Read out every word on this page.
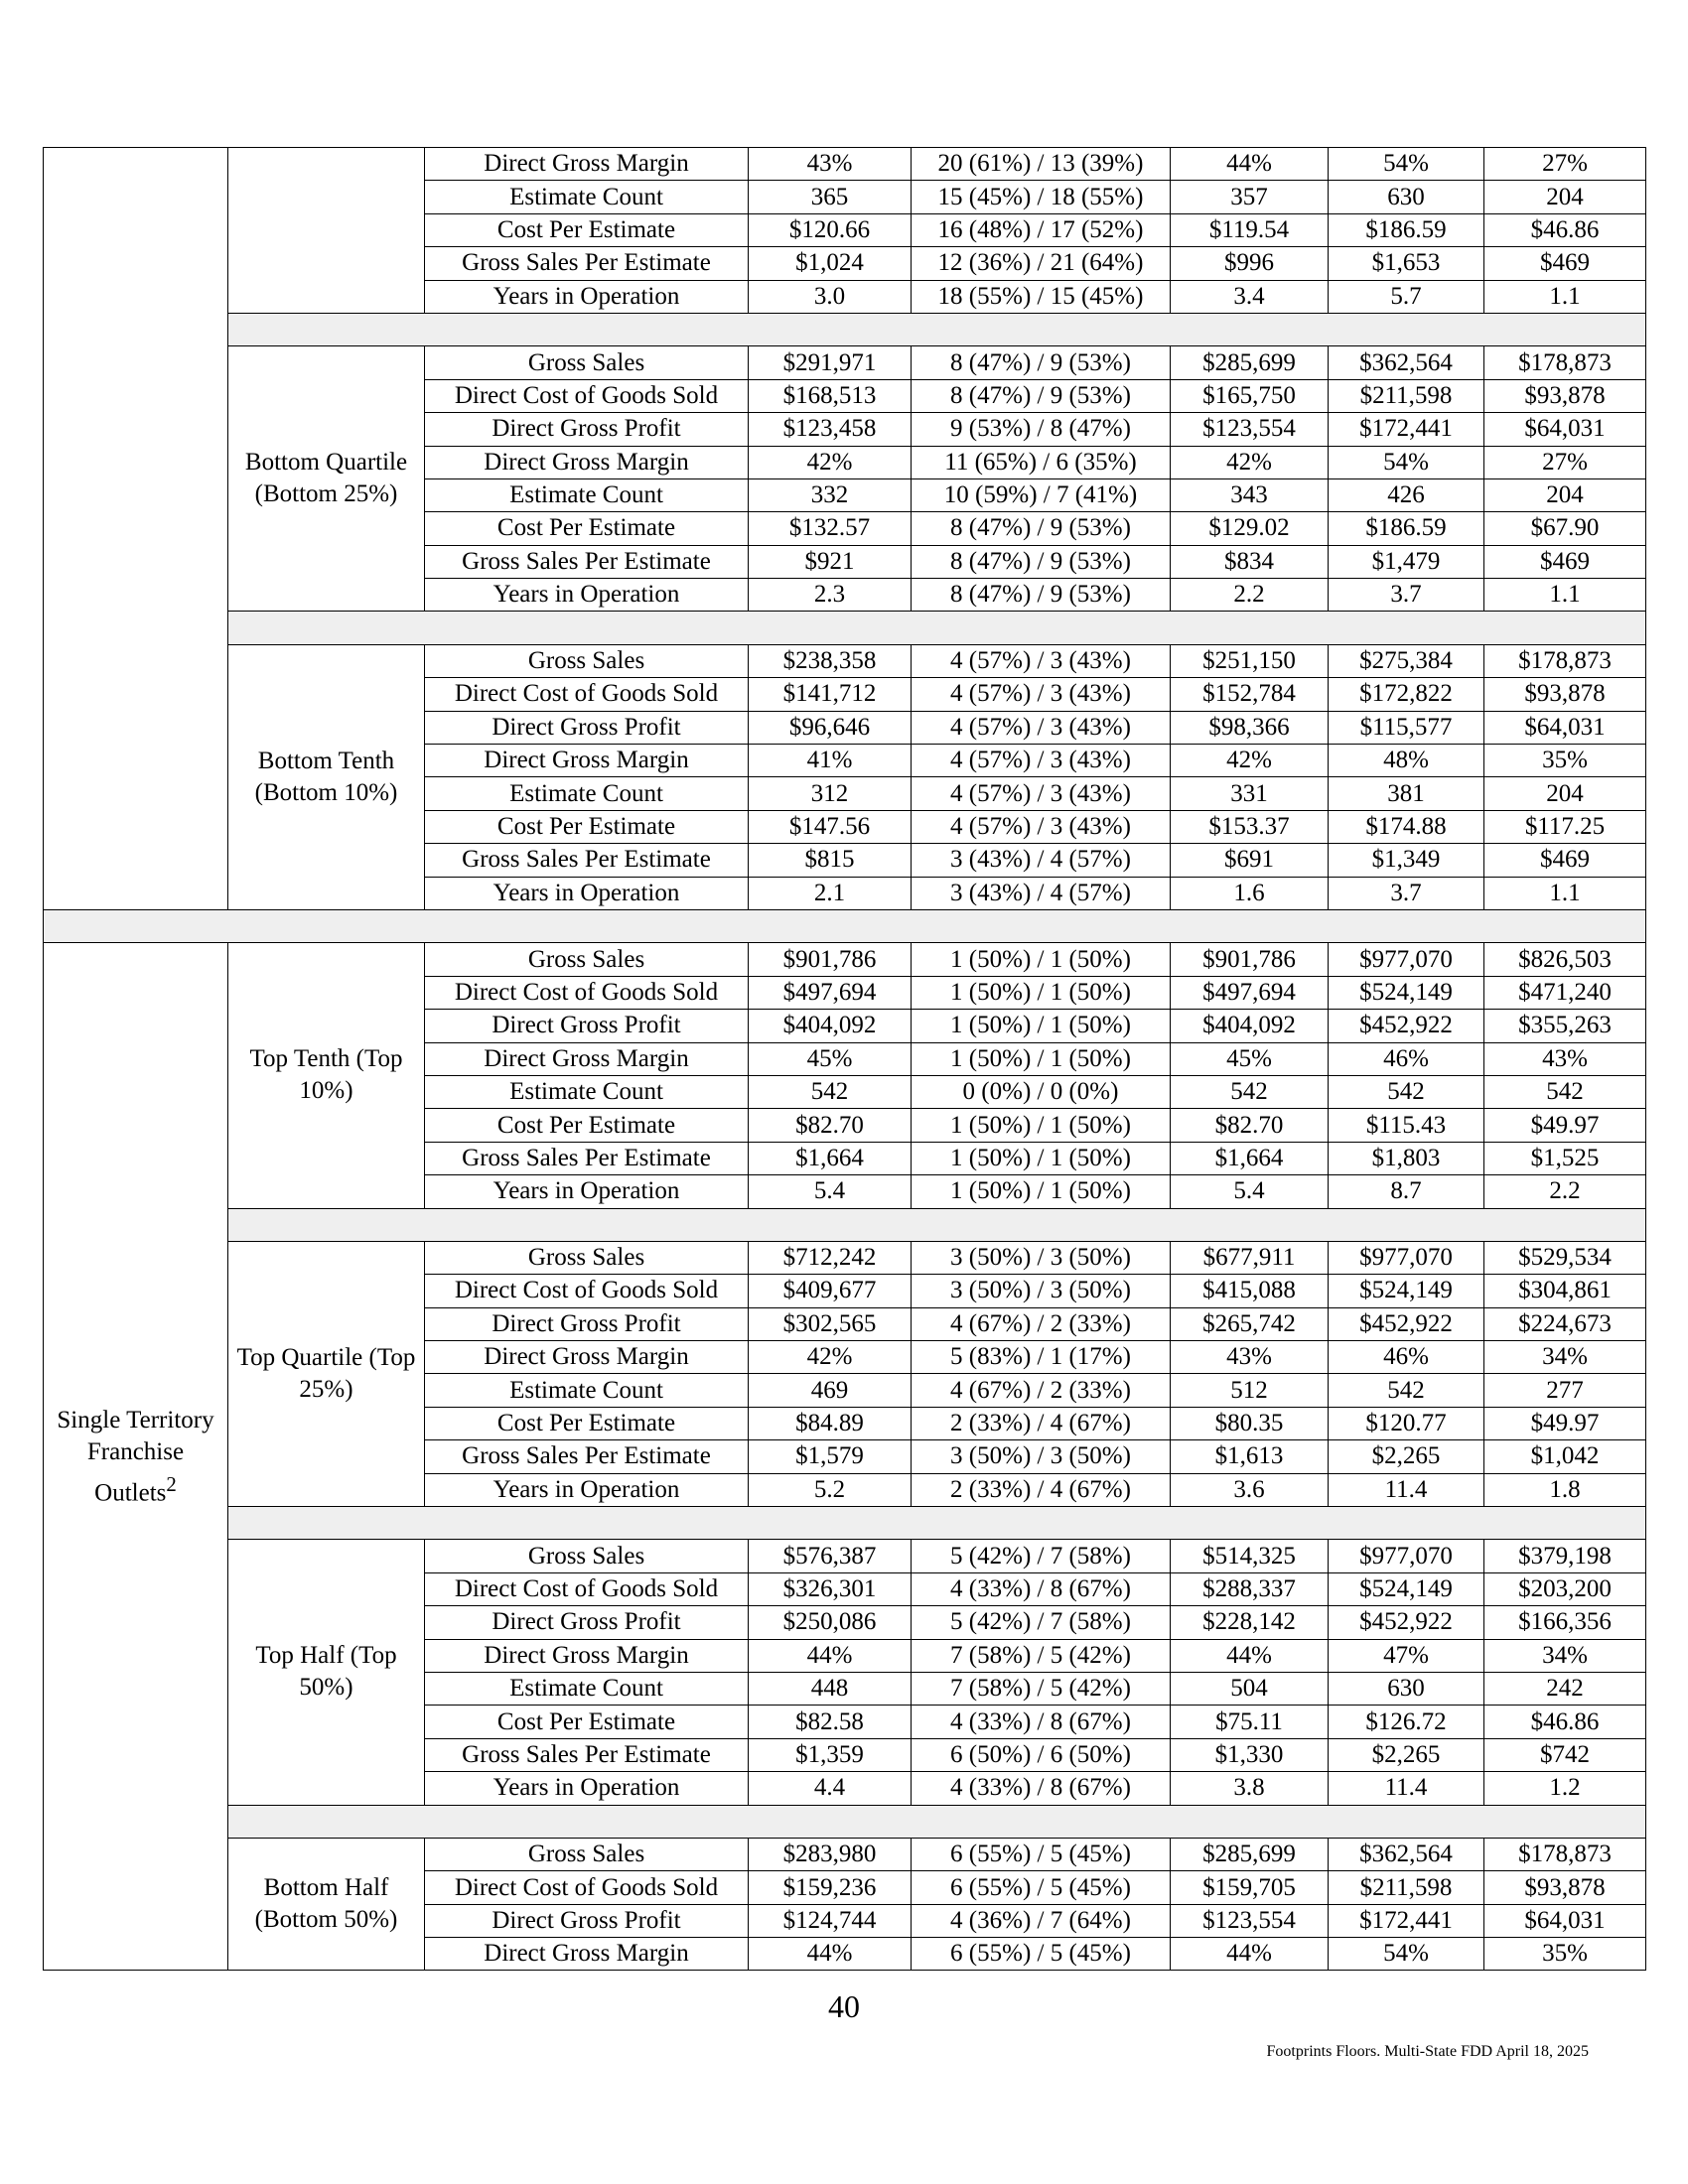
		Direct Gross Margin	43%	20 (61%) / 13 (39%)	44%	54%	27%
		Estimate Count	365	15 (45%) / 18 (55%)	357	630	204
		Cost Per Estimate	$120.66	16 (48%) / 17 (52%)	$119.54	$186.59	$46.86
		Gross Sales Per Estimate	$1,024	12 (36%) / 21 (64%)	$996	$1,653	$469
		Years in Operation	3.0	18 (55%) / 15 (45%)	3.4	5.7	1.1

	Bottom Quartile (Bottom 25%)	Gross Sales	$291,971	8 (47%) / 9 (53%)	$285,699	$362,564	$178,873
		Direct Cost of Goods Sold	$168,513	8 (47%) / 9 (53%)	$165,750	$211,598	$93,878
		Direct Gross Profit	$123,458	9 (53%) / 8 (47%)	$123,554	$172,441	$64,031
		Direct Gross Margin	42%	11 (65%) / 6 (35%)	42%	54%	27%
		Estimate Count	332	10 (59%) / 7 (41%)	343	426	204
		Cost Per Estimate	$132.57	8 (47%) / 9 (53%)	$129.02	$186.59	$67.90
		Gross Sales Per Estimate	$921	8 (47%) / 9 (53%)	$834	$1,479	$469
		Years in Operation	2.3	8 (47%) / 9 (53%)	2.2	3.7	1.1

	Bottom Tenth (Bottom 10%)	Gross Sales	$238,358	4 (57%) / 3 (43%)	$251,150	$275,384	$178,873
		Direct Cost of Goods Sold	$141,712	4 (57%) / 3 (43%)	$152,784	$172,822	$93,878
		Direct Gross Profit	$96,646	4 (57%) / 3 (43%)	$98,366	$115,577	$64,031
		Direct Gross Margin	41%	4 (57%) / 3 (43%)	42%	48%	35%
		Estimate Count	312	4 (57%) / 3 (43%)	331	381	204
		Cost Per Estimate	$147.56	4 (57%) / 3 (43%)	$153.37	$174.88	$117.25
		Gross Sales Per Estimate	$815	3 (43%) / 4 (57%)	$691	$1,349	$469
		Years in Operation	2.1	3 (43%) / 4 (57%)	1.6	3.7	1.1

Single Territory Franchise Outlets$^2$	Top Tenth (Top 10%)	Gross Sales	$901,786	1 (50%) / 1 (50%)	$901,786	$977,070	$826,503
		Direct Cost of Goods Sold	$497,694	1 (50%) / 1 (50%)	$497,694	$524,149	$471,240
		Direct Gross Profit	$404,092	1 (50%) / 1 (50%)	$404,092	$452,922	$355,263
		Direct Gross Margin	45%	1 (50%) / 1 (50%)	45%	46%	43%
		Estimate Count	542	0 (0%) / 0 (0%)	542	542	542
		Cost Per Estimate	$82.70	1 (50%) / 1 (50%)	$82.70	$115.43	$49.97
		Gross Sales Per Estimate	$1,664	1 (50%) / 1 (50%)	$1,664	$1,803	$1,525
		Years in Operation	5.4	1 (50%) / 1 (50%)	5.4	8.7	2.2

	Top Quartile (Top 25%)	Gross Sales	$712,242	3 (50%) / 3 (50%)	$677,911	$977,070	$529,534
		Direct Cost of Goods Sold	$409,677	3 (50%) / 3 (50%)	$415,088	$524,149	$304,861
		Direct Gross Profit	$302,565	4 (67%) / 2 (33%)	$265,742	$452,922	$224,673
		Direct Gross Margin	42%	5 (83%) / 1 (17%)	43%	46%	34%
		Estimate Count	469	4 (67%) / 2 (33%)	512	542	277
		Cost Per Estimate	$84.89	2 (33%) / 4 (67%)	$80.35	$120.77	$49.97
		Gross Sales Per Estimate	$1,579	3 (50%) / 3 (50%)	$1,613	$2,265	$1,042
		Years in Operation	5.2	2 (33%) / 4 (67%)	3.6	11.4	1.8

	Top Half (Top 50%)	Gross Sales	$576,387	5 (42%) / 7 (58%)	$514,325	$977,070	$379,198
		Direct Cost of Goods Sold	$326,301	4 (33%) / 8 (67%)	$288,337	$524,149	$203,200
		Direct Gross Profit	$250,086	5 (42%) / 7 (58%)	$228,142	$452,922	$166,356
		Direct Gross Margin	44%	7 (58%) / 5 (42%)	44%	47%	34%
		Estimate Count	448	7 (58%) / 5 (42%)	504	630	242
		Cost Per Estimate	$82.58	4 (33%) / 8 (67%)	$75.11	$126.72	$46.86
		Gross Sales Per Estimate	$1,359	6 (50%) / 6 (50%)	$1,330	$2,265	$742
		Years in Operation	4.4	4 (33%) / 8 (67%)	3.8	11.4	1.2

	Bottom Half (Bottom 50%)	Gross Sales	$283,980	6 (55%) / 5 (45%)	$285,699	$362,564	$178,873
		Direct Cost of Goods Sold	$159,236	6 (55%) / 5 (45%)	$159,705	$211,598	$93,878
		Direct Gross Profit	$124,744	4 (36%) / 7 (64%)	$123,554	$172,441	$64,031
		Direct Gross Margin	44%	6 (55%) / 5 (45%)	44%	54%	35%
40
Footprints Floors. Multi-State FDD April 18, 2025
